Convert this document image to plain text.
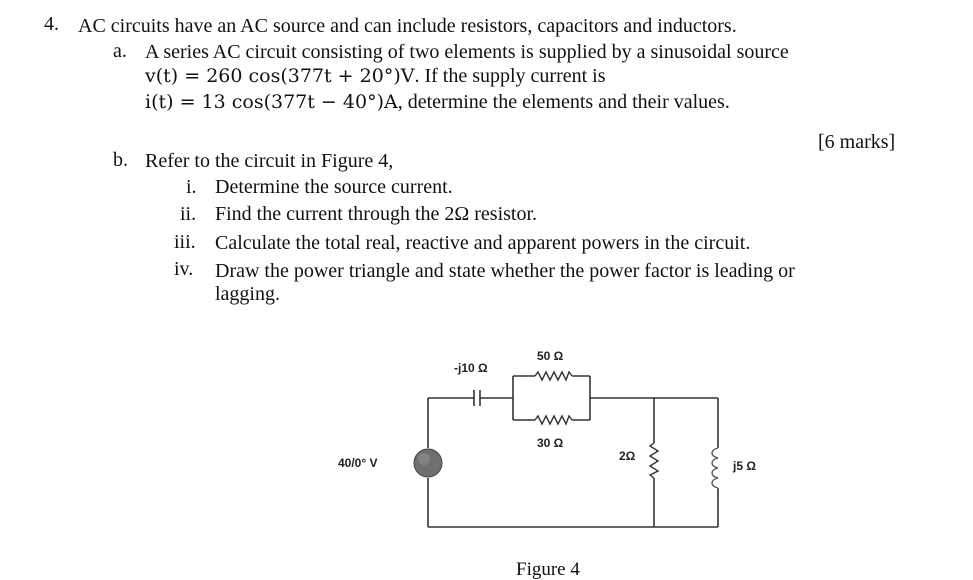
4. AC circuits have an AC source and can include resistors, capacitors and inductors.
a. A series AC circuit consisting of two elements is supplied by a sinusoidal source
v(t) = 260 cos(377t + 20°)V. If the supply current is
i(t) = 13 cos(377t − 40°)A, determine the elements and their values.
[6 marks]
b. Refer to the circuit in Figure 4,
i. Determine the source current.
ii. Find the current through the 2Ω resistor.
iii. Calculate the total real, reactive and apparent powers in the circuit.
iv. Draw the power triangle and state whether the power factor is leading or
lagging.
40/0° V
-j10 Ω
50 Ω
30 Ω
2Ω
j5 Ω
Figure 4
